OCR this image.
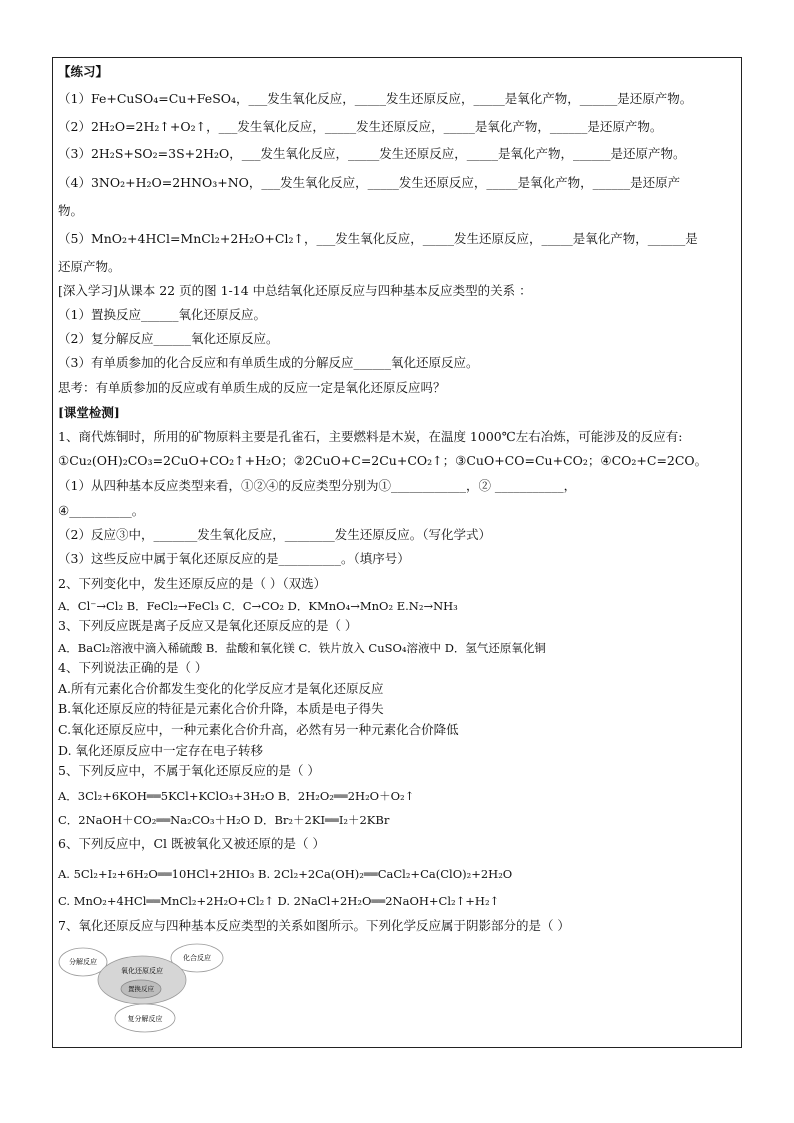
【练习】
（1）Fe+CuSO₄=Cu+FeSO₄，___发生氧化反应，_____发生还原反应，_____是氧化产物，______是还原产物。
（2）2H₂O=2H₂↑+O₂↑，___发生氧化反应，_____发生还原反应，_____是氧化产物，______是还原产物。
（3）2H₂S+SO₂=3S+2H₂O，___发生氧化反应，_____发生还原反应，_____是氧化产物，______是还原产物。
（4）3NO₂+H₂O=2HNO₃+NO，___发生氧化反应，_____发生还原反应，_____是氧化产物，______是还原产
物。
（5）MnO₂+4HCl=MnCl₂+2H₂O+Cl₂↑，___发生氧化反应，_____发生还原反应，_____是氧化产物，______是
还原产物。
[深入学习]从课本 22 页的图 1-14 中总结氧化还原反应与四种基本反应类型的关系 ：
（1）置换反应______氧化还原反应。
（2）复分解反应______氧化还原反应。
（3）有单质参加的化合反应和有单质生成的分解反应______氧化还原反应。
思考：有单质参加的反应或有单质生成的反应一定是氧化还原反应吗？
[课堂检测]
1、商代炼铜时，所用的矿物原料主要是孔雀石，主要燃料是木炭，在温度 1000℃左右冶炼，可能涉及的反应有:
①Cu₂(OH)₂CO₃=2CuO+CO₂↑+H₂O；②2CuO+C=2Cu+CO₂↑；③CuO+CO=Cu+CO₂；④CO₂+C=2CO。
（1）从四种基本反应类型来看，①②④的反应类型分别为①____________，② ___________，
④__________。
（2）反应③中，_______发生氧化反应，________发生还原反应。（写化学式）
（3）这些反应中属于氧化还原反应的是__________。（填序号）
2、下列变化中，发生还原反应的是（ ）（双选）
A．Cl⁻→Cl₂ B．FeCl₂→FeCl₃ C．C→CO₂ D．KMnO₄→MnO₂ E.N₂→NH₃
3、下列反应既是离子反应又是氧化还原反应的是（ ）
A．BaCl₂溶液中滴入稀硫酸 B．盐酸和氧化镁 C．铁片放入 CuSO₄溶液中 D．氢气还原氧化铜
4、下列说法正确的是（ ）
A.所有元素化合价都发生变化的化学反应才是氧化还原反应
B.氧化还原反应的特征是元素化合价升降，本质是电子得失
C.氧化还原反应中，一种元素化合价升高，必然有另一种元素化合价降低
D. 氧化还原反应中一定存在电子转移
5、下列反应中，不属于氧化还原反应的是（ ）
A．3Cl₂+6KOH══5KCl+KClO₃+3H₂O B．2H₂O₂══2H₂O＋O₂↑
C．2NaOH＋CO₂══Na₂CO₃＋H₂O D．Br₂＋2KI══I₂＋2KBr
6、下列反应中，Cl 既被氧化又被还原的是（ ）
A. 5Cl₂+I₂+6H₂O══10HCl+2HIO₃ B. 2Cl₂+2Ca(OH)₂══CaCl₂+Ca(ClO)₂+2H₂O
C. MnO₂+4HCl══MnCl₂+2H₂O+Cl₂↑ D. 2NaCl+2H₂O══2NaOH+Cl₂↑+H₂↑
7、氧化还原反应与四种基本反应类型的关系如图所示。下列化学反应属于阴影部分的是（ ）
分解反应	化合反应
氧化还原反应
置换反应
复分解反应
